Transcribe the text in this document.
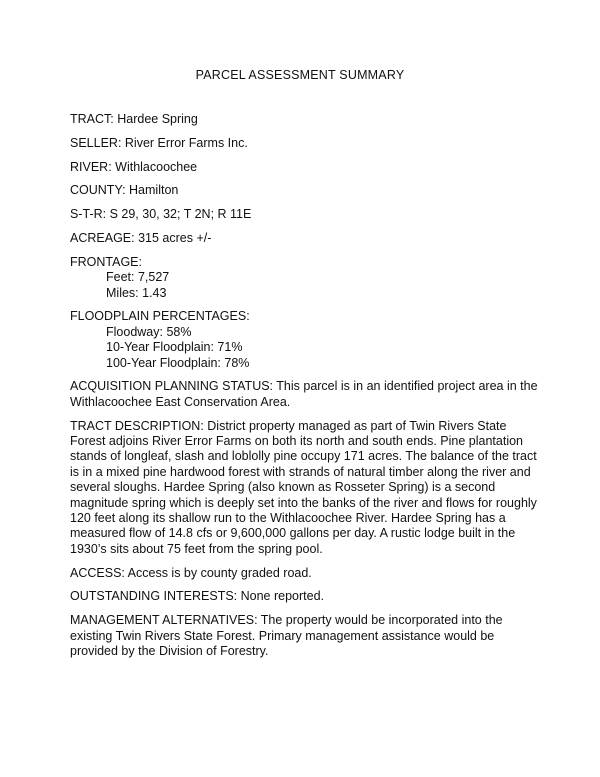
PARCEL ASSESSMENT SUMMARY
TRACT: Hardee Spring
SELLER: River Error Farms Inc.
RIVER: Withlacoochee
COUNTY: Hamilton
S-T-R: S 29, 30, 32; T 2N; R 11E
ACREAGE: 315 acres +/-
FRONTAGE:
Feet: 7,527
Miles: 1.43
FLOODPLAIN PERCENTAGES:
Floodway: 58%
10-Year Floodplain: 71%
100-Year Floodplain: 78%
ACQUISITION PLANNING STATUS: This parcel is in an identified project area in the Withlacoochee East Conservation Area.
TRACT DESCRIPTION: District property managed as part of Twin Rivers State Forest adjoins River Error Farms on both its north and south ends. Pine plantation stands of longleaf, slash and loblolly pine occupy 171 acres. The balance of the tract is in a mixed pine hardwood forest with strands of natural timber along the river and several sloughs. Hardee Spring (also known as Rosseter Spring) is a second magnitude spring which is deeply set into the banks of the river and flows for roughly 120 feet along its shallow run to the Withlacoochee River. Hardee Spring has a measured flow of 14.8 cfs or 9,600,000 gallons per day. A rustic lodge built in the 1930’s sits about 75 feet from the spring pool.
ACCESS: Access is by county graded road.
OUTSTANDING INTERESTS: None reported.
MANAGEMENT ALTERNATIVES: The property would be incorporated into the existing Twin Rivers State Forest. Primary management assistance would be provided by the Division of Forestry.
